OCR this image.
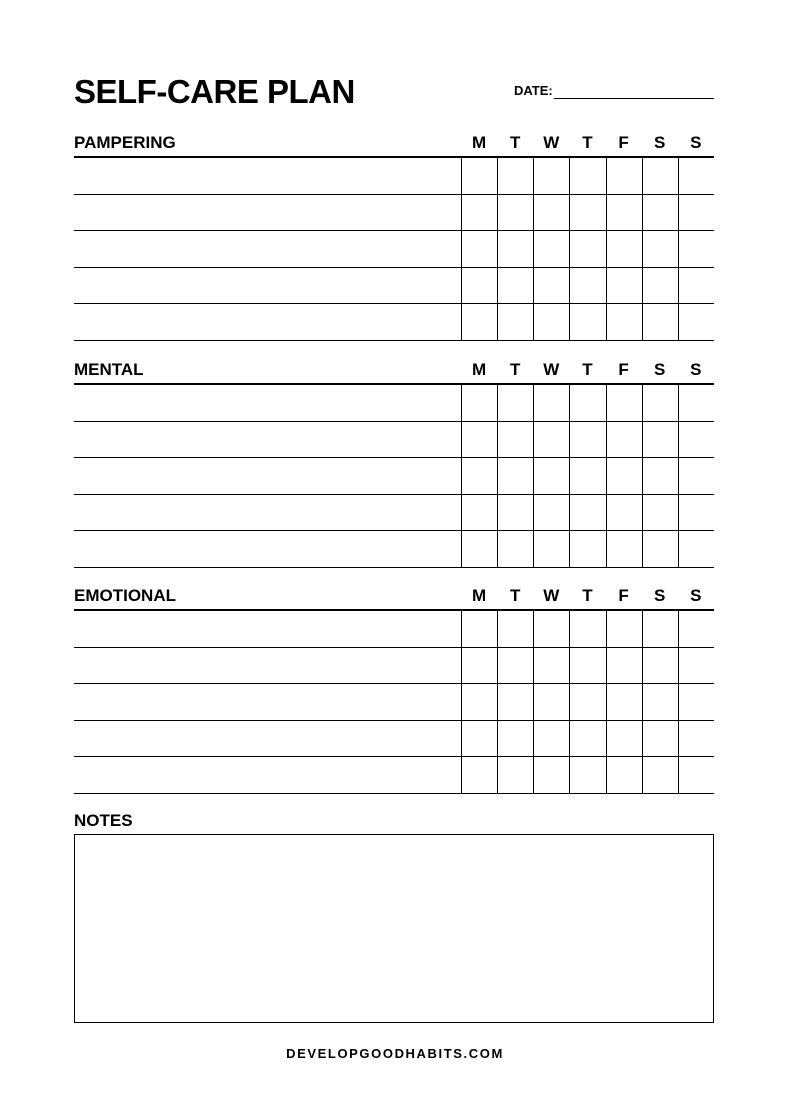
SELF-CARE PLAN	DATE:
PAMPERING	M	T	W	T	F	S	S
MENTAL	M	T	W	T	F	S	S
EMOTIONAL	M	T	W	T	F	S	S
NOTES
DEVELOPGOODHABITS.COM
